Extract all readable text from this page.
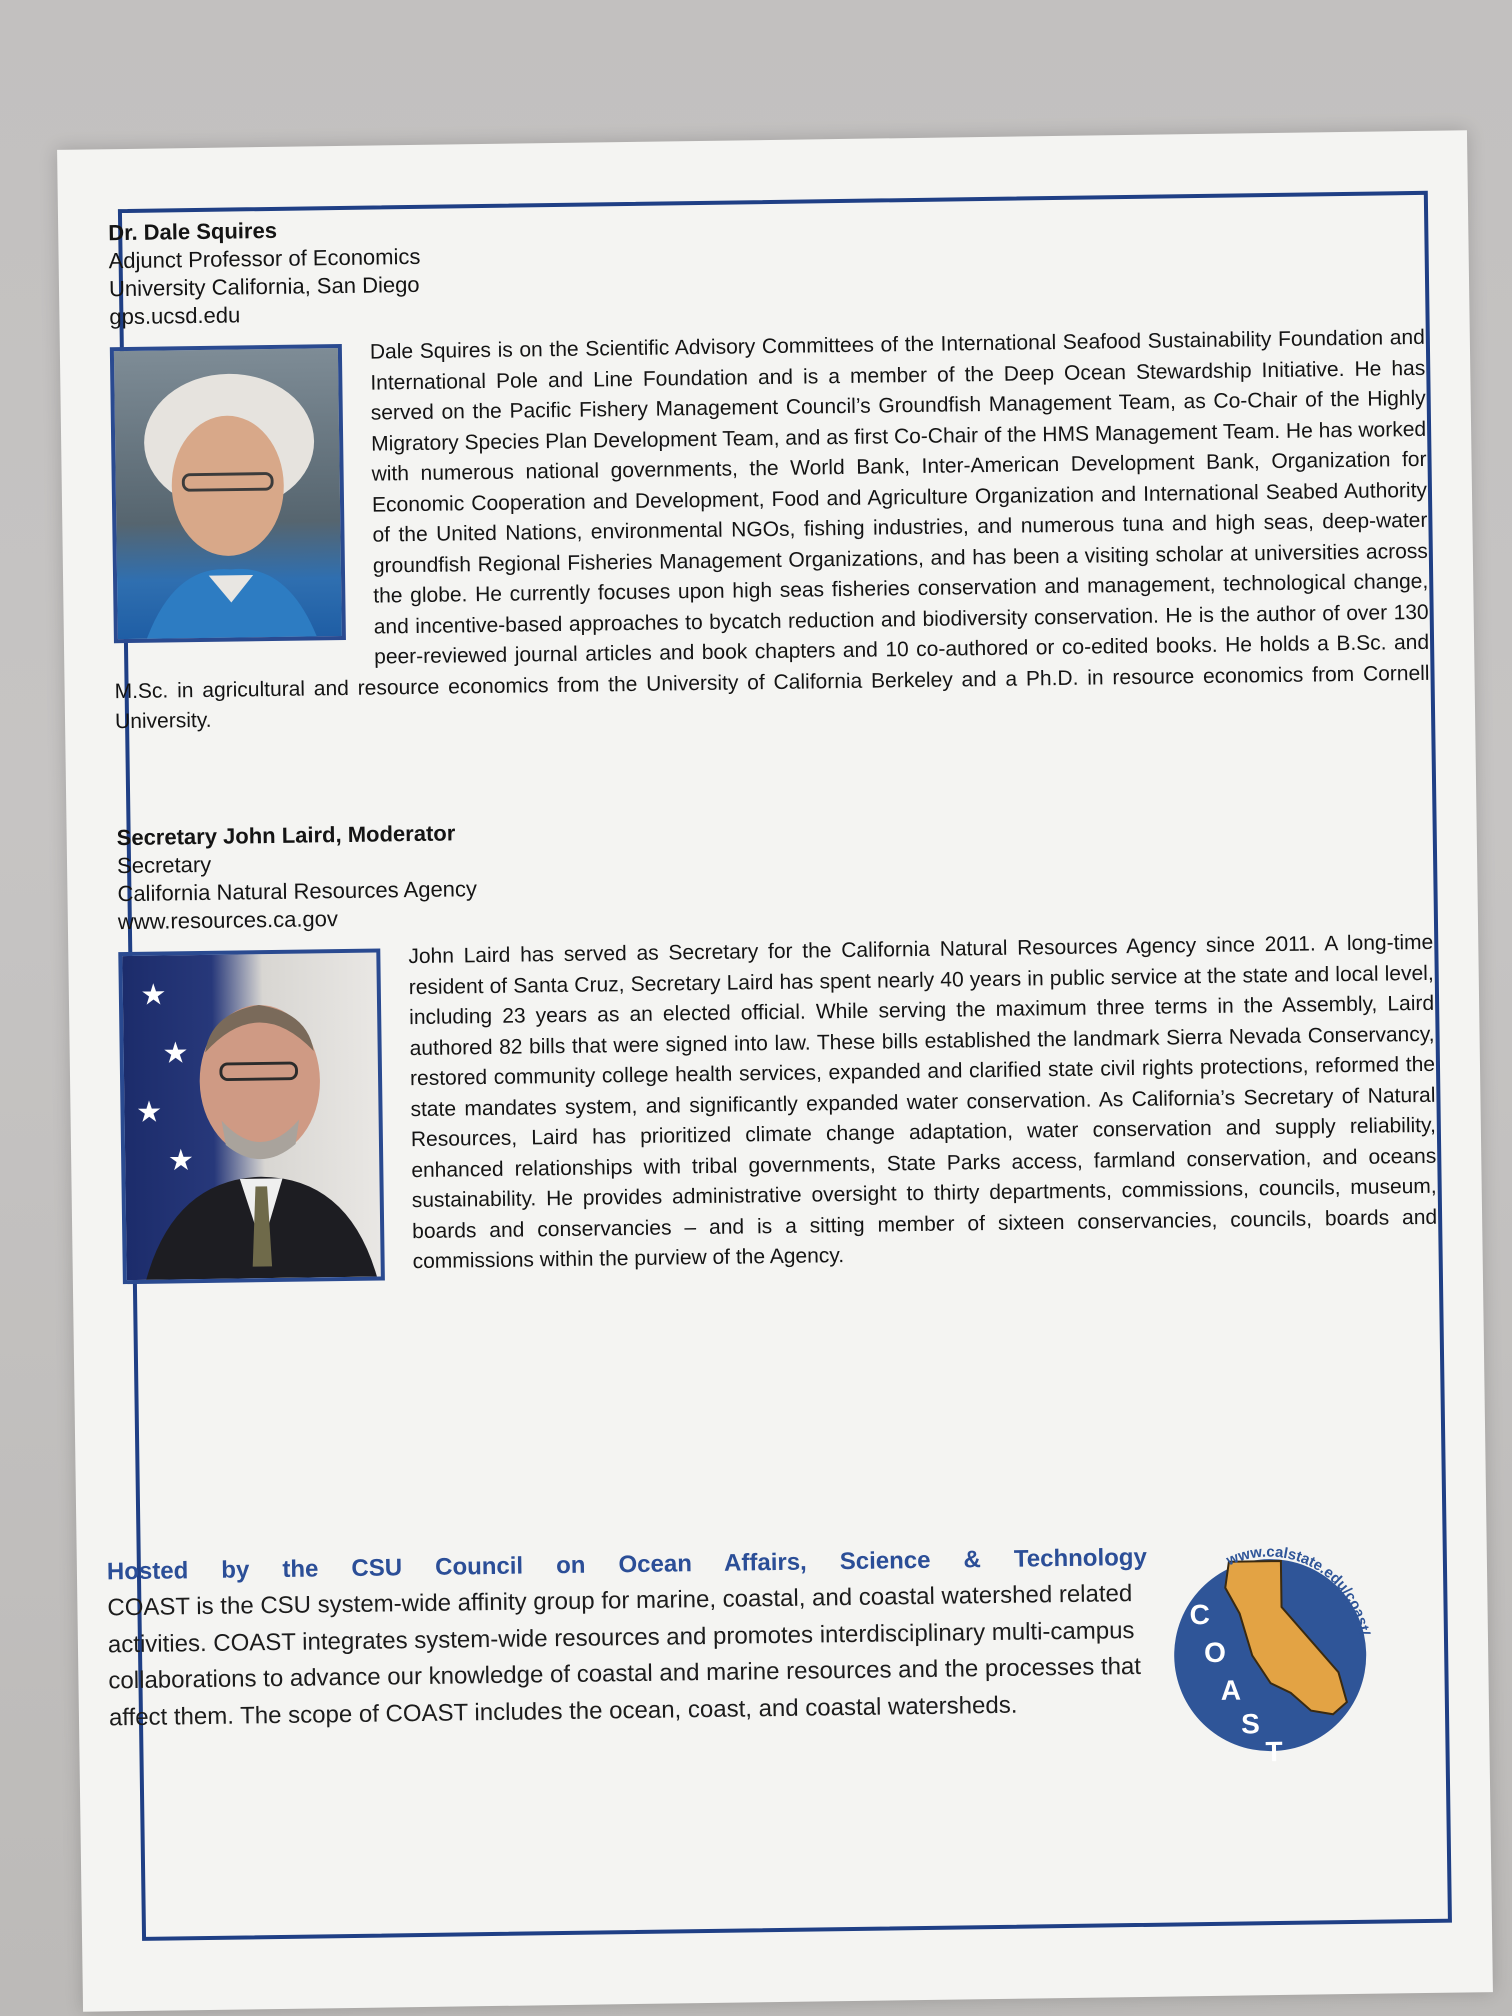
Dr. Dale Squires
Adjunct Professor of Economics
University California, San Diego
gps.ucsd.edu
Dale Squires is on the Scientific Advisory Committees of the International Seafood Sustainability Foundation and International Pole and Line Foundation and is a member of the Deep Ocean Stewardship Initiative. He has served on the Pacific Fishery Management Council’s Groundfish Management Team, as Co-Chair of the Highly Migratory Species Plan Development Team, and as first Co-Chair of the HMS Management Team. He has worked with numerous national governments, the World Bank, Inter-American Development Bank, Organization for Economic Cooperation and Development, Food and Agriculture Organization and International Seabed Authority of the United Nations, environmental NGOs, fishing industries, and numerous tuna and high seas, deep-water groundfish Regional Fisheries Management Organizations, and has been a visiting scholar at universities across the globe. He currently focuses upon high seas fisheries conservation and management, technological change, and incentive-based approaches to bycatch reduction and biodiversity conservation. He is the author of over 130 peer-reviewed journal articles and book chapters and 10 co-authored or co-edited books. He holds a B.Sc. and M.Sc. in agricultural and resource economics from the University of California Berkeley and a Ph.D. in resource economics from Cornell University.
Secretary John Laird, Moderator
Secretary
California Natural Resources Agency
www.resources.ca.gov
★
★
★
★
John Laird has served as Secretary for the California Natural Resources Agency since 2011. A long-time resident of Santa Cruz, Secretary Laird has spent nearly 40 years in public service at the state and local level, including 23 years as an elected official. While serving the maximum three terms in the Assembly, Laird authored 82 bills that were signed into law. These bills established the landmark Sierra Nevada Conservancy, restored community college health services, expanded and clarified state civil rights protections, reformed the state mandates system, and significantly expanded water conservation. As California’s Secretary of Natural Resources, Laird has prioritized climate change adaptation, water conservation and supply reliability, enhanced relationships with tribal governments, State Parks access, farmland conservation, and oceans sustainability. He provides administrative oversight to thirty departments, commissions, councils, museum, boards and conservancies – and is a sitting member of sixteen conservancies, councils, boards and commissions within the purview of the Agency.
Hosted by the CSU Council on Ocean Affairs, Science & Technology
COAST is the CSU system-wide affinity group for marine, coastal, and coastal watershed related activities. COAST integrates system-wide resources and promotes interdisciplinary multi-campus collaborations to advance our knowledge of coastal and marine resources and the processes that affect them. The scope of COAST includes the ocean, coast, and coastal watersheds.
www.calstate.edu/coast/
C
O
A
S
T
